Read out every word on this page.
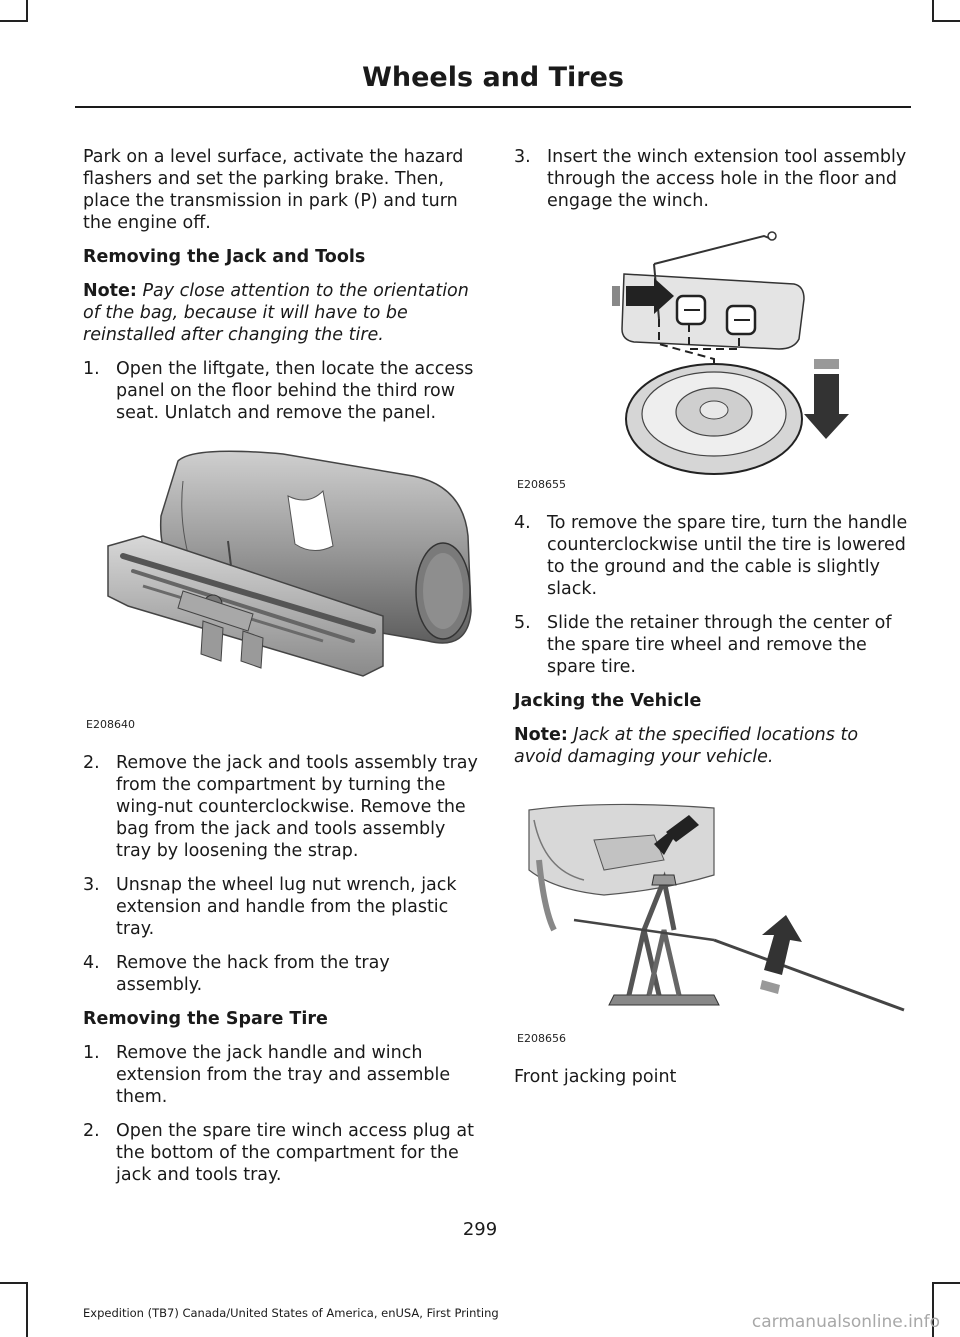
Wheels and Tires

Park on a level surface, activate the hazard flashers and set the parking brake. Then, place the transmission in park (P) and turn the engine off.

Removing the Jack and Tools

Note: Pay close attention to the orientation of the bag, because it will have to be reinstalled after changing the tire.

1. Open the liftgate, then locate the access panel on the floor behind the third row seat. Unlatch and remove the panel.
E208640
2. Remove the jack and tools assembly tray from the compartment by turning the wing-nut counterclockwise. Remove the bag from the jack and tools assembly tray by loosening the strap.
3. Unsnap the wheel lug nut wrench, jack extension and handle from the plastic tray.
4. Remove the hack from the tray assembly.
Removing the Spare Tire
1. Remove the jack handle and winch extension from the tray and assemble them.
2. Open the spare tire winch access plug at the bottom of the compartment for the jack and tools tray.
3. Insert the winch extension tool assembly through the access hole in the floor and engage the winch.
E208655
4. To remove the spare tire, turn the handle counterclockwise until the tire is lowered to the ground and the cable is slightly slack.
5. Slide the retainer through the center of the spare tire wheel and remove the spare tire.
Jacking the Vehicle

Note: Jack at the specified locations to avoid damaging your vehicle.

E208656

Front jacking point

299
Expedition (TB7) Canada/United States of America, enUSA, First Printing	carmanualsonline.info
